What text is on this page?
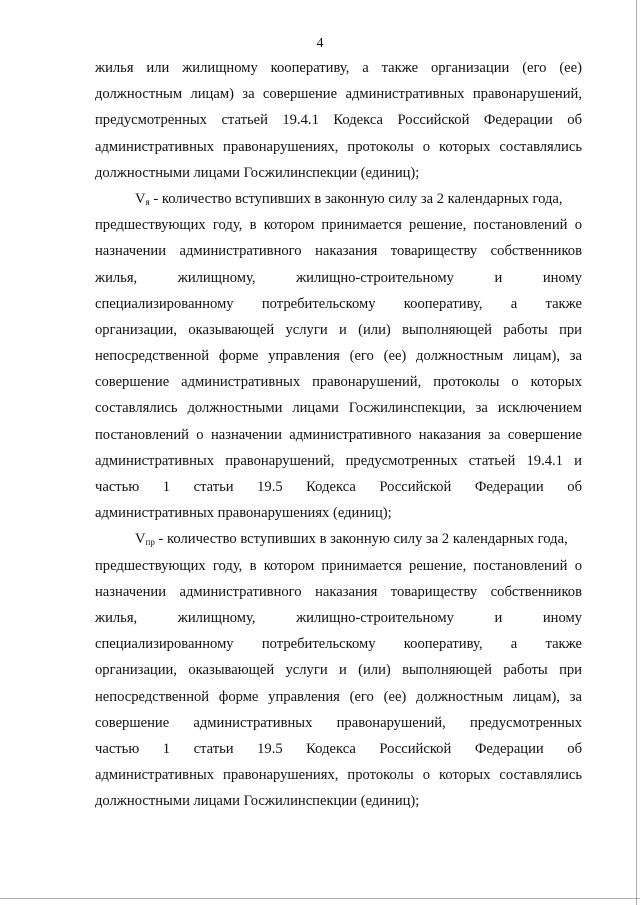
4
жилья или жилищному кооперативу, а также организации (его (ее)
должностным лицам) за совершение административных правонарушений,
предусмотренных статьей 19.4.1 Кодекса Российской Федерации об
административных правонарушениях, протоколы о которых составлялись
должностными лицами Госжилинспекции (единиц);
Vя - количество вступивших в законную силу за 2 календарных года,
предшествующих году, в котором принимается решение, постановлений о
назначении административного наказания товариществу собственников
жилья, жилищному, жилищно-строительному и иному
специализированному потребительскому кооперативу, а также
организации, оказывающей услуги и (или) выполняющей работы при
непосредственной форме управления (его (ее) должностным лицам), за
совершение административных правонарушений, протоколы о которых
составлялись должностными лицами Госжилинспекции, за исключением
постановлений о назначении административного наказания за совершение
административных правонарушений, предусмотренных статьей 19.4.1 и
частью 1 статьи 19.5 Кодекса Российской Федерации об
административных правонарушениях (единиц);
Vпр - количество вступивших в законную силу за 2 календарных года,
предшествующих году, в котором принимается решение, постановлений о
назначении административного наказания товариществу собственников
жилья, жилищному, жилищно-строительному и иному
специализированному потребительскому кооперативу, а также
организации, оказывающей услуги и (или) выполняющей работы при
непосредственной форме управления (его (ее) должностным лицам), за
совершение административных правонарушений, предусмотренных
частью 1 статьи 19.5 Кодекса Российской Федерации об
административных правонарушениях, протоколы о которых составлялись
должностными лицами Госжилинспекции (единиц);
